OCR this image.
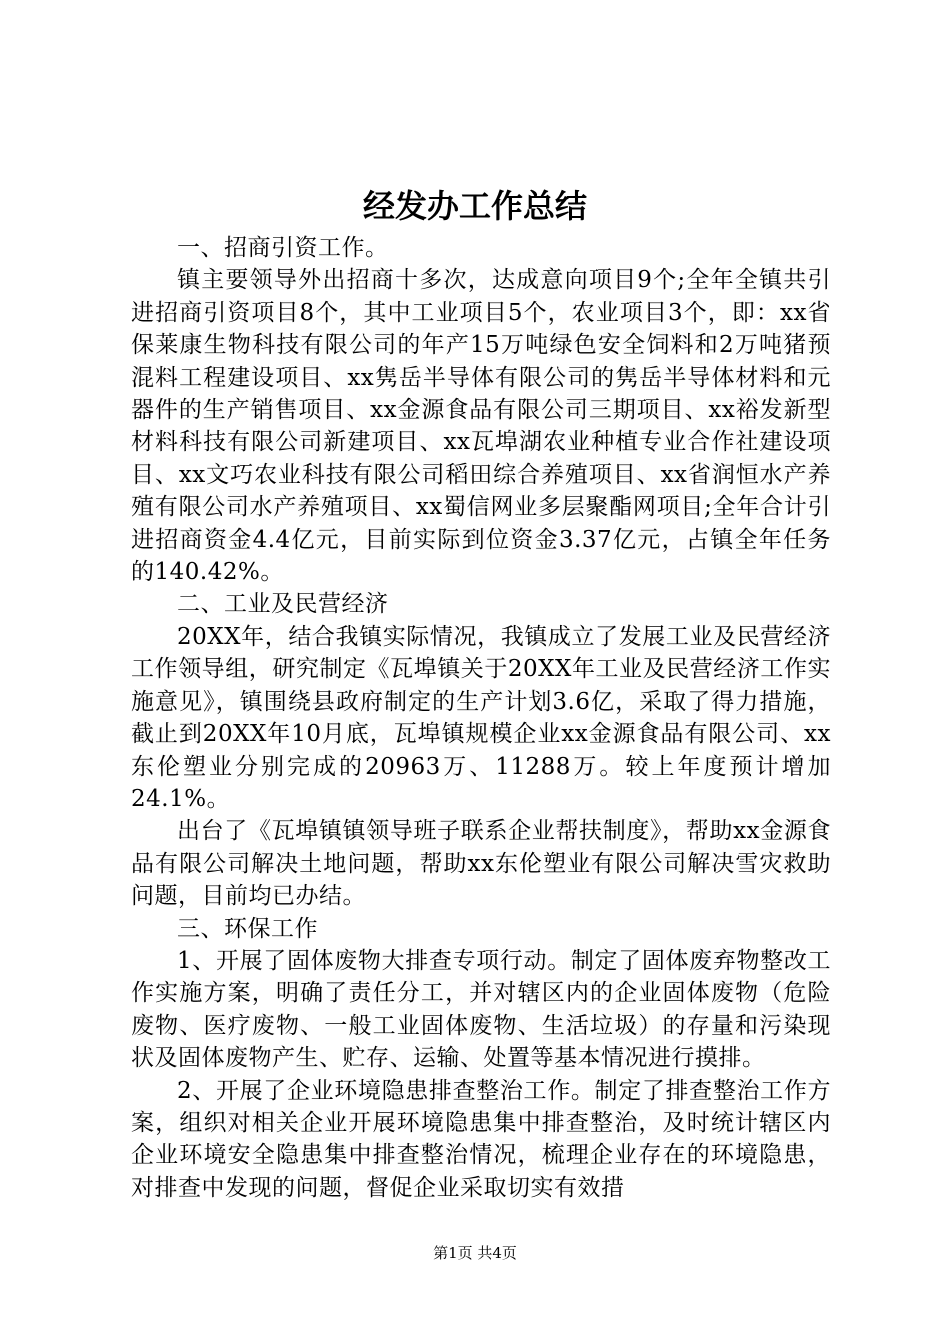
经发办工作总结

一、招商引资工作。

镇主要领导外出招商十多次，达成意向项目9个;全年全镇共引进招商引资项目8个，其中工业项目5个，农业项目3个，即：xx省保莱康生物科技有限公司的年产15万吨绿色安全饲料和2万吨猪预混料工程建设项目、xx隽岳半导体有限公司的隽岳半导体材料和元器件的生产销售项目、xx金源食品有限公司三期项目、xx裕发新型材料科技有限公司新建项目、xx瓦埠湖农业种植专业合作社建设项目、xx文巧农业科技有限公司稻田综合养殖项目、xx省润恒水产养殖有限公司水产养殖项目、xx蜀信网业多层聚酯网项目;全年合计引进招商资金4.4亿元，目前实际到位资金3.37亿元，占镇全年任务的140.42%。

二、工业及民营经济

20XX年，结合我镇实际情况，我镇成立了发展工业及民营经济工作领导组，研究制定《瓦埠镇关于20XX年工业及民营经济工作实施意见》，镇围绕县政府制定的生产计划3.6亿，采取了得力措施，截止到20XX年10月底，瓦埠镇规模企业xx金源食品有限公司、xx东伦塑业分别完成的20963万、11288万。较上年度预计增加24.1%。

出台了《瓦埠镇镇领导班子联系企业帮扶制度》，帮助xx金源食品有限公司解决土地问题，帮助xx东伦塑业有限公司解决雪灾救助问题，目前均已办结。

三、环保工作

1、开展了固体废物大排查专项行动。制定了固体废弃物整改工作实施方案，明确了责任分工，并对辖区内的企业固体废物（危险废物、医疗废物、一般工业固体废物、生活垃圾）的存量和污染现状及固体废物产生、贮存、运输、处置等基本情况进行摸排。

2、开展了企业环境隐患排查整治工作。制定了排查整治工作方案，组织对相关企业开展环境隐患集中排查整治，及时统计辖区内企业环境安全隐患集中排查整治情况，梳理企业存在的环境隐患，对排查中发现的问题，督促企业采取切实有效措

第1页 共4页
